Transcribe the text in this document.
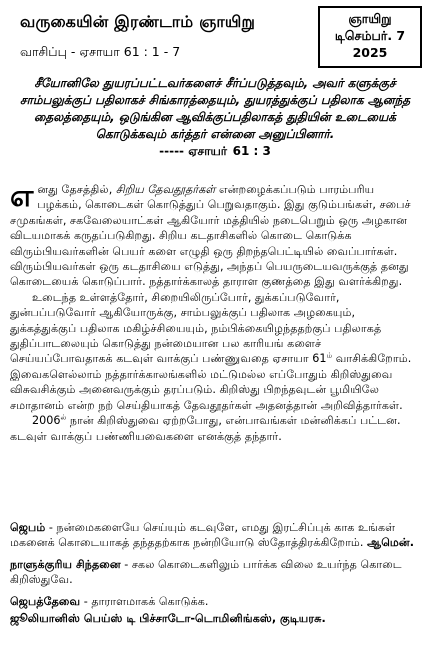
வருகையின் இரண்டாம் ஞாயிறு
வாசிப்பு - ஏசாயா 61 : 1 - 7
ஞாயிறு
டிசெம்பர். 7
2025
சீயோனிலே துயரப்பட்டவர்களைச் சீர்ப்படுத்தவும், அவர் களுக்குச் சாம்பலுக்குப் பதிலாகச் சிங்காரத்தையும், துயரத்துக்குப் பதிலாக ஆனந்த தைலத்தையும், ஒடுங்கின ஆவிக்குப்பதிலாகத் துதியின் உடையைக் கொடுக்கவும் கர்த்தர் என்னை அனுப்பினார்.
----- ஏசாயா் 61 : 3

எனது தேசத்தில், சிறிய தேவதூதர்கள் என்றழைக்கப்படும் பாரம்பரிய பழக்கம், கொடைகள் கொடுத்துப் பெறுவதாகும். இது குடும்பங்கள், சபைச் சமுகங்கள், சகவேலையாட்கள் ஆகியோர் மத்தியில் நடைபெறும் ஒரு அழகான விடயமாகக் கருதப்படுகிறது. சிறிய கடதாசிகளில் கொடை கொடுக்க விரும்பியவர்களின் பெயர் களை எழுதி ஒரு திறந்தபெட்டியில் வைப்பார்கள். விரும்பியவர்கள் ஒரு கடதாசியை எடுத்து, அந்தப் பெயருடையவருக்குத் தனது கொடையைக் கொடுப்பார். நத்தார்க்காலத் தாராள குணத்தை இது வளர்க்கிறது.

உடைந்த உள்ளத்தோர், சிறையிலிருப்போர், துக்கப்படுவோர், துன்பப்படுவோர் ஆகியோருக்கு, சாம்பலுக்குப் பதிலாக அழகையும், துக்கத்துக்குப் பதிலாக மகிழ்ச்சியையும், நம்பிக்கையிழந்ததற்குப் பதிலாகத் துதிப்பாடலையும் கொடுத்து நன்மையான பல காரியங் களைச் செய்யப்போவதாகக் கடவுள் வாக்குப் பண்ணுவதை ஏசாயா $61^{ம்}$ வாசிக்கிறோம். இவைகளெல்லாம் நத்தார்க்காலங்களில் மட்டுமல்ல எப்போதும் கிறிஸ்துவை விசுவசிக்கும் அனைவருக்கும் தரப்படும். கிறிஸ்து பிறந்தவுடன் பூமியிலே சமாதானம் என்ற நற் செய்தியாகத் தேவதூதர்கள் அதனத்தான் அறிவித்தார்கள்.

$2006^{ல்}$ நான் கிறிஸ்துவை ஏற்றபோது, என்பாவங்கள் மன்னிக்கப் பட்டன. கடவுள் வாக்குப் பண்ணியவைகளை எனக்குத் தந்தார்.

ஜெபம் - நன்மைகளையே செய்யும் கடவுளே, எமது இரட்சிப்புக் காக உங்கள் மகனைக் கொடையாகத் தந்ததற்காக நன்றியோடு ஸ்தோத்திரக்கிறோம். ஆமென்.

நாளுக்குரிய சிந்தனை - சகல கொடைகளிலும் பார்க்க விலை உயர்ந்த கொடை கிறிஸ்துவே.

ஜெபத்தேவை - தாராளமாகக் கொடுக்க.

ஜூலியானிஸ் பெய்ஸ் டி பிச்சாடோ-டொமினிங்கஸ், குடியரசு.
